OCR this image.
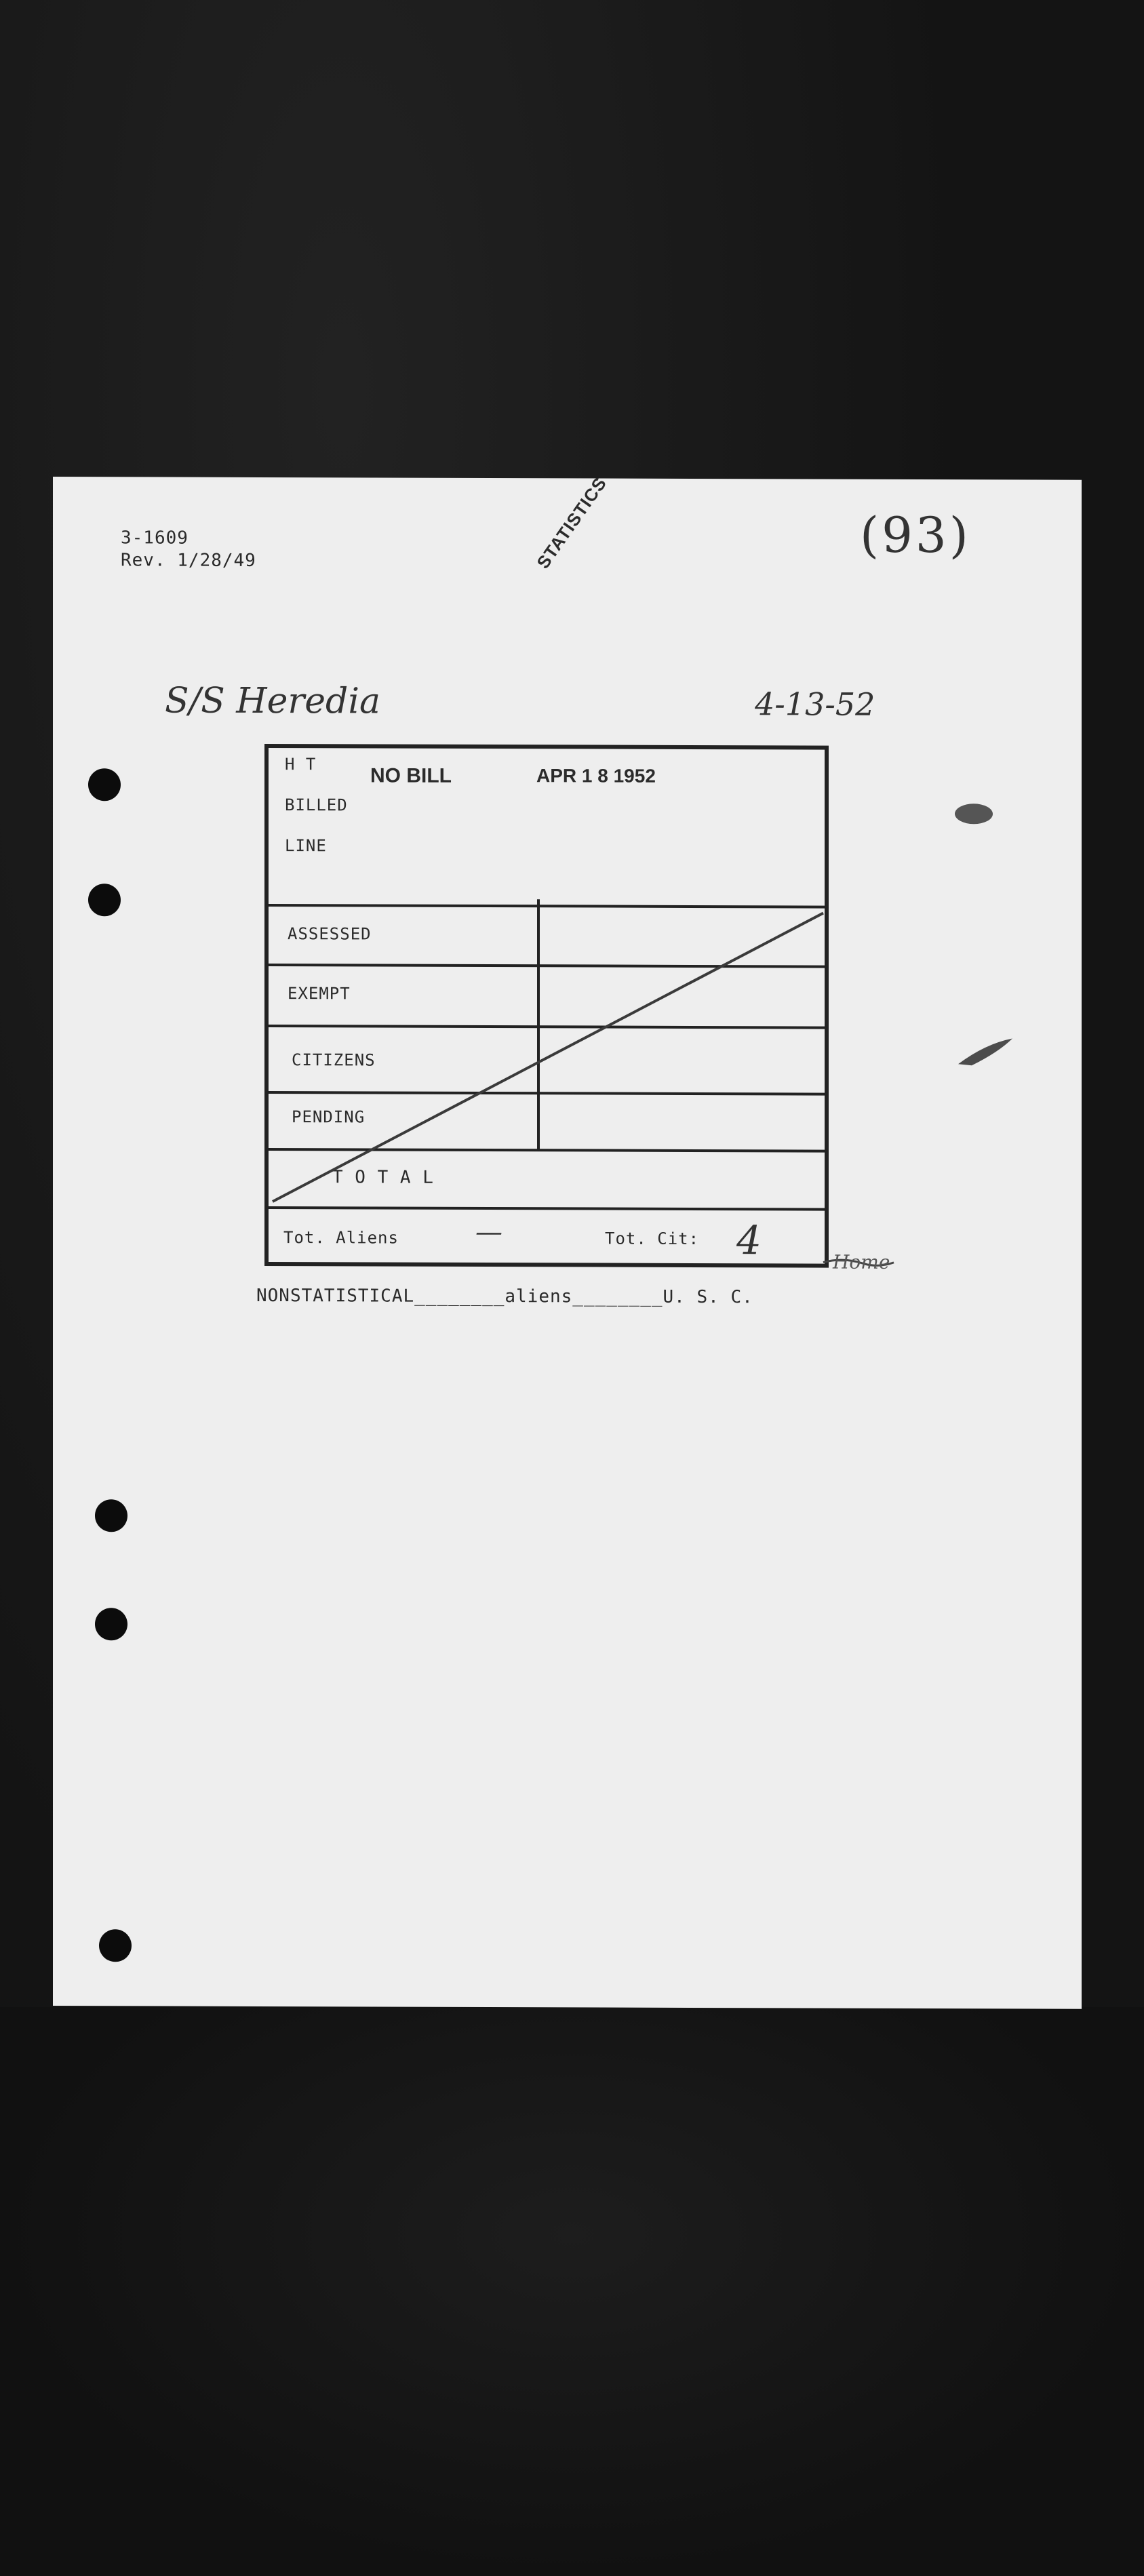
3-1609
Rev. 1/28/49	STATISTICS	(93)
S/S Heredia	4-13-52
H T
BILLED
LINE
NO BILL	APR 1 8 1952
ASSESSED
EXEMPT
CITIZENS
PENDING
T O T A L
Tot. Aliens	—	Tot. Cit: 4	Home
NONSTATISTICAL________aliens________U. S. C.
